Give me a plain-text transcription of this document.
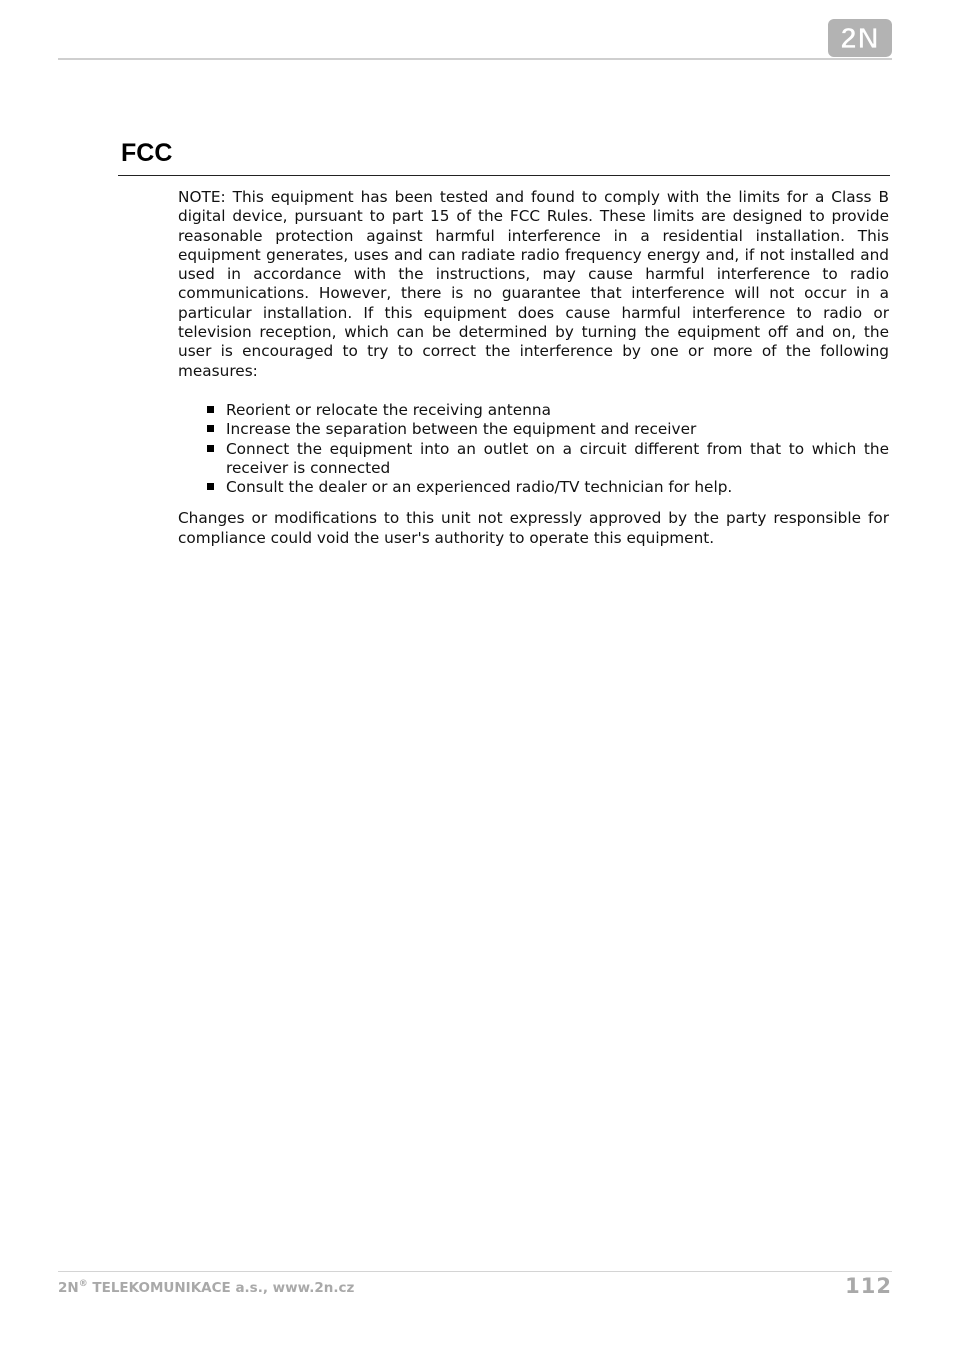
2N
FCC

NOTE: This equipment has been tested and found to comply with the limits for a Class B digital device, pursuant to part 15 of the FCC Rules. These limits are designed to provide reasonable protection against harmful interference in a residential installation. This equipment generates, uses and can radiate radio frequency energy and, if not installed and used in accordance with the instructions, may cause harmful interference to radio communications. However, there is no guarantee that interference will not occur in a particular installation. If this equipment does cause harmful interference to radio or television reception, which can be determined by turning the equipment off and on, the user is encouraged to try to correct the interference by one or more of the following measures:

Reorient or relocate the receiving antenna
Increase the separation between the equipment and receiver
Connect the equipment into an outlet on a circuit different from that to which the receiver is connected
Consult the dealer or an experienced radio/TV technician for help.

Changes or modifications to this unit not expressly approved by the party responsible for compliance could void the user's authority to operate this equipment.

2N® TELEKOMUNIKACE a.s., www.2n.cz	112
